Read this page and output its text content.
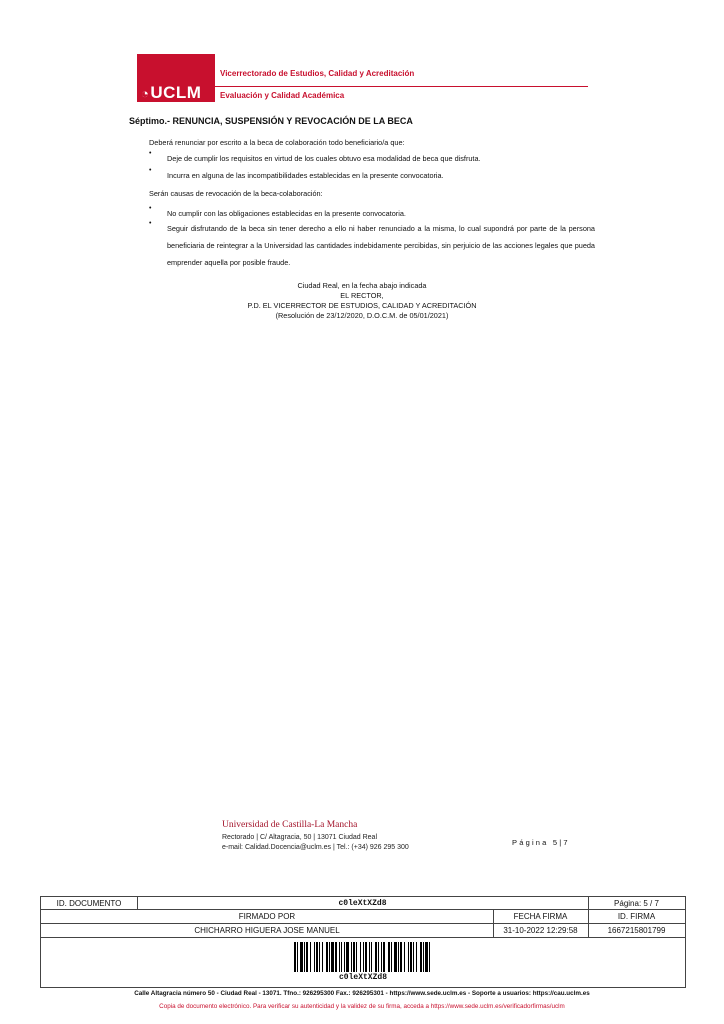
◔UCLM
Vicerrectorado de Estudios, Calidad y Acreditación
Evaluación y Calidad Académica
Séptimo.- RENUNCIA, SUSPENSIÓN Y REVOCACIÓN DE LA BECA
Deberá renunciar por escrito a la beca de colaboración todo beneficiario/a que:
•
Deje de cumplir los requisitos en virtud de los cuales obtuvo esa modalidad de beca que disfruta.
•
Incurra en alguna de las incompatibilidades establecidas en la presente convocatoria.
Serán causas de revocación de la beca-colaboración:
•
No cumplir con las obligaciones establecidas en la presente convocatoria.
•
Seguir disfrutando de la beca sin tener derecho a ello ni haber renunciado a la misma, lo cual supondrá por parte de la persona beneficiaria de reintegrar a la Universidad las cantidades indebidamente percibidas, sin perjuicio de las acciones legales que pueda emprender aquella por posible fraude.
Ciudad Real, en la fecha abajo indicada
EL RECTOR,
P.D. EL VICERRECTOR DE ESTUDIOS, CALIDAD Y ACREDITACIÓN
(Resolución de 23/12/2020, D.O.C.M. de 05/01/2021)
Universidad de Castilla-La Mancha
Rectorado | C/ Altagracia, 50 | 13071 Ciudad Real
e-mail: Calidad.Docencia@uclm.es | Tel.: (+34) 926 295 300
Página 5|7
ID. DOCUMENTO	c0leXtXZd8	Página: 5 / 7
FIRMADO POR	FECHA FIRMA	ID. FIRMA
CHICHARRO HIGUERA JOSE MANUEL	31-10-2022 12:29:58	1667215801799
c0leXtXZd8
Calle Altagracia número 50 - Ciudad Real - 13071. Tfno.: 926295300 Fax.: 926295301 - https://www.sede.uclm.es - Soporte a usuarios: https://cau.uclm.es
Copia de documento electrónico. Para verificar su autenticidad y la validez de su firma, acceda a https://www.sede.uclm.es/verificadorfirmas/uclm
